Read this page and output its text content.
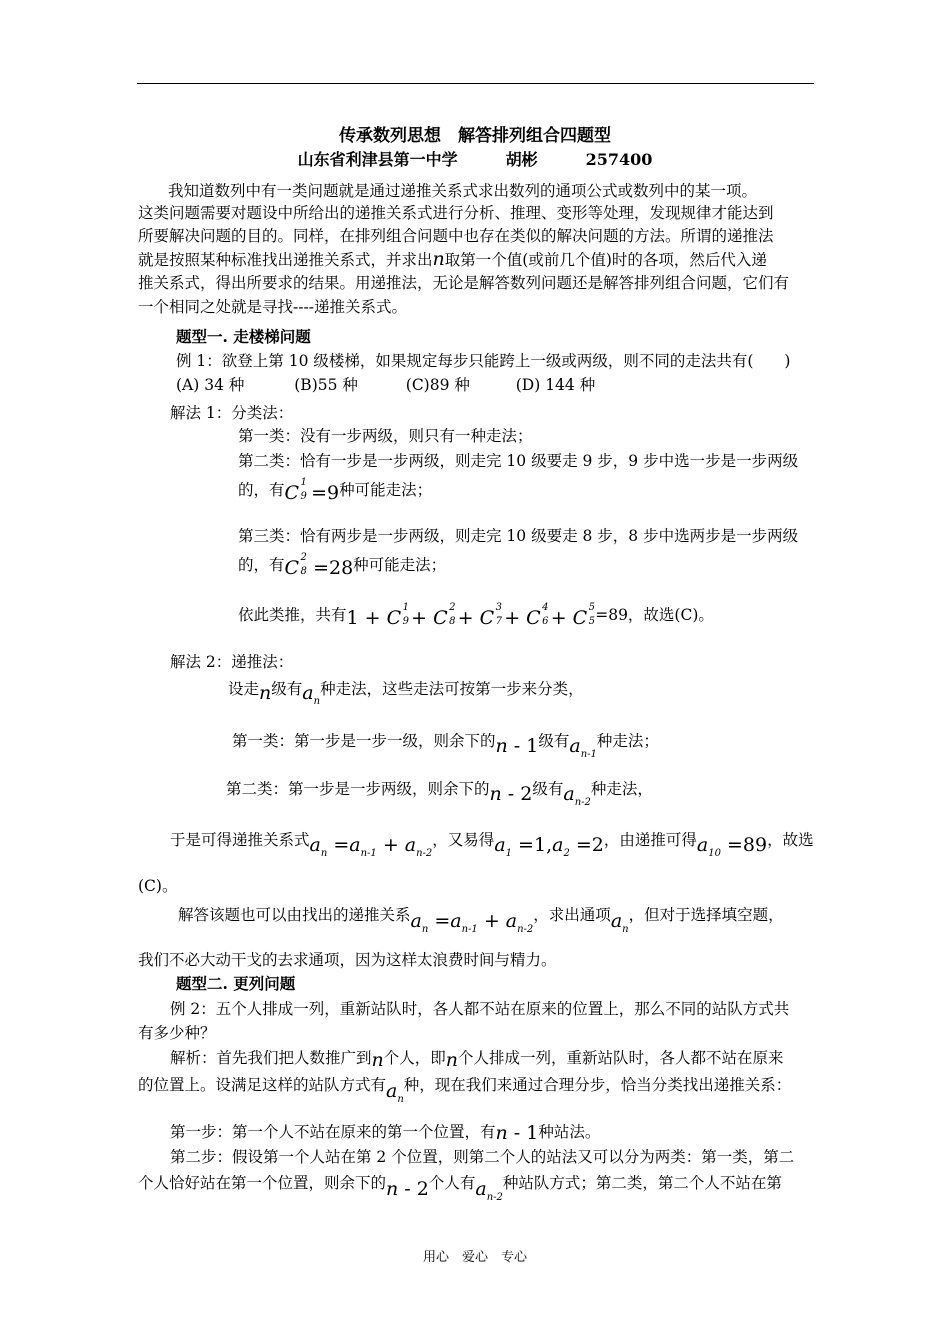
传承数列思想　解答排列组合四题型
山东省利津县第一中学　　　胡彬　　　257400
我知道数列中有一类问题就是通过递推关系式求出数列的通项公式或数列中的某一项。
这类问题需要对题设中所给出的递推关系式进行分析、推理、变形等处理，发现规律才能达到
所要解决问题的目的。同样，在排列组合问题中也存在类似的解决问题的方法。所谓的递推法
就是按照某种标准找出递推关系式，并求出n取第一个值(或前几个值)时的各项，然后代入递
推关系式，得出所要求的结果。用递推法，无论是解答数列问题还是解答排列组合问题，它们有
一个相同之处就是寻找----递推关系式。
题型一. 走楼梯问题
例 1：欲登上第 10 级楼梯，如果规定每步只能跨上一级或两级，则不同的走法共有(　　)
(A) 34 种	(B)55 种	(C)89 种	(D) 144 种
解法 1：分类法：
第一类：没有一步两级，则只有一种走法；
第二类：恰有一步是一步两级，则走完 10 级要走 9 步，9 步中选一步是一步两级
的，有C 9
1 =9种可能走法；
第三类：恰有两步是一步两级，则走完 10 级要走 8 步，8 步中选两步是一步两级
的，有C 8
2 =28种可能走法；
依此类推，共有1 + C 9
1 + C 8
2 + C 7
3 + C 6
4 + C 5
5 =89，故选(C)。
解法 2：递推法：
设走n级有$a_n$种走法，这些走法可按第一步来分类，
第一类：第一步是一步一级，则余下的n - 1级有$a_{n-1}$种走法；
第二类：第一步是一步两级，则余下的n - 2级有$a_{n-2}$种走法，
于是可得递推关系式$a_n =a_{n-1} + a_{n-2}$，又易得$a_1 =1,a_2 =2$，由递推可得$a_{10} =89$，故选
(C)。
解答该题也可以由找出的递推关系$a_n =a_{n-1} + a_{n-2}$，求出通项$a_n$，但对于选择填空题，
我们不必大动干戈的去求通项，因为这样太浪费时间与精力。
题型二. 更列问题
例 2：五个人排成一列，重新站队时，各人都不站在原来的位置上，那么不同的站队方式共
有多少种？
解析：首先我们把人数推广到n个人，即n个人排成一列，重新站队时，各人都不站在原来
的位置上。设满足这样的站队方式有$a_n$种，现在我们来通过合理分步，恰当分类找出递推关系：
第一步：第一个人不站在原来的第一个位置，有n - 1种站法。
第二步：假设第一个人站在第 2 个位置，则第二个人的站法又可以分为两类：第一类，第二
个人恰好站在第一个位置，则余下的n - 2个人有$a_{n-2}$种站队方式；第二类，第二个人不站在第
用心　爱心　专心
